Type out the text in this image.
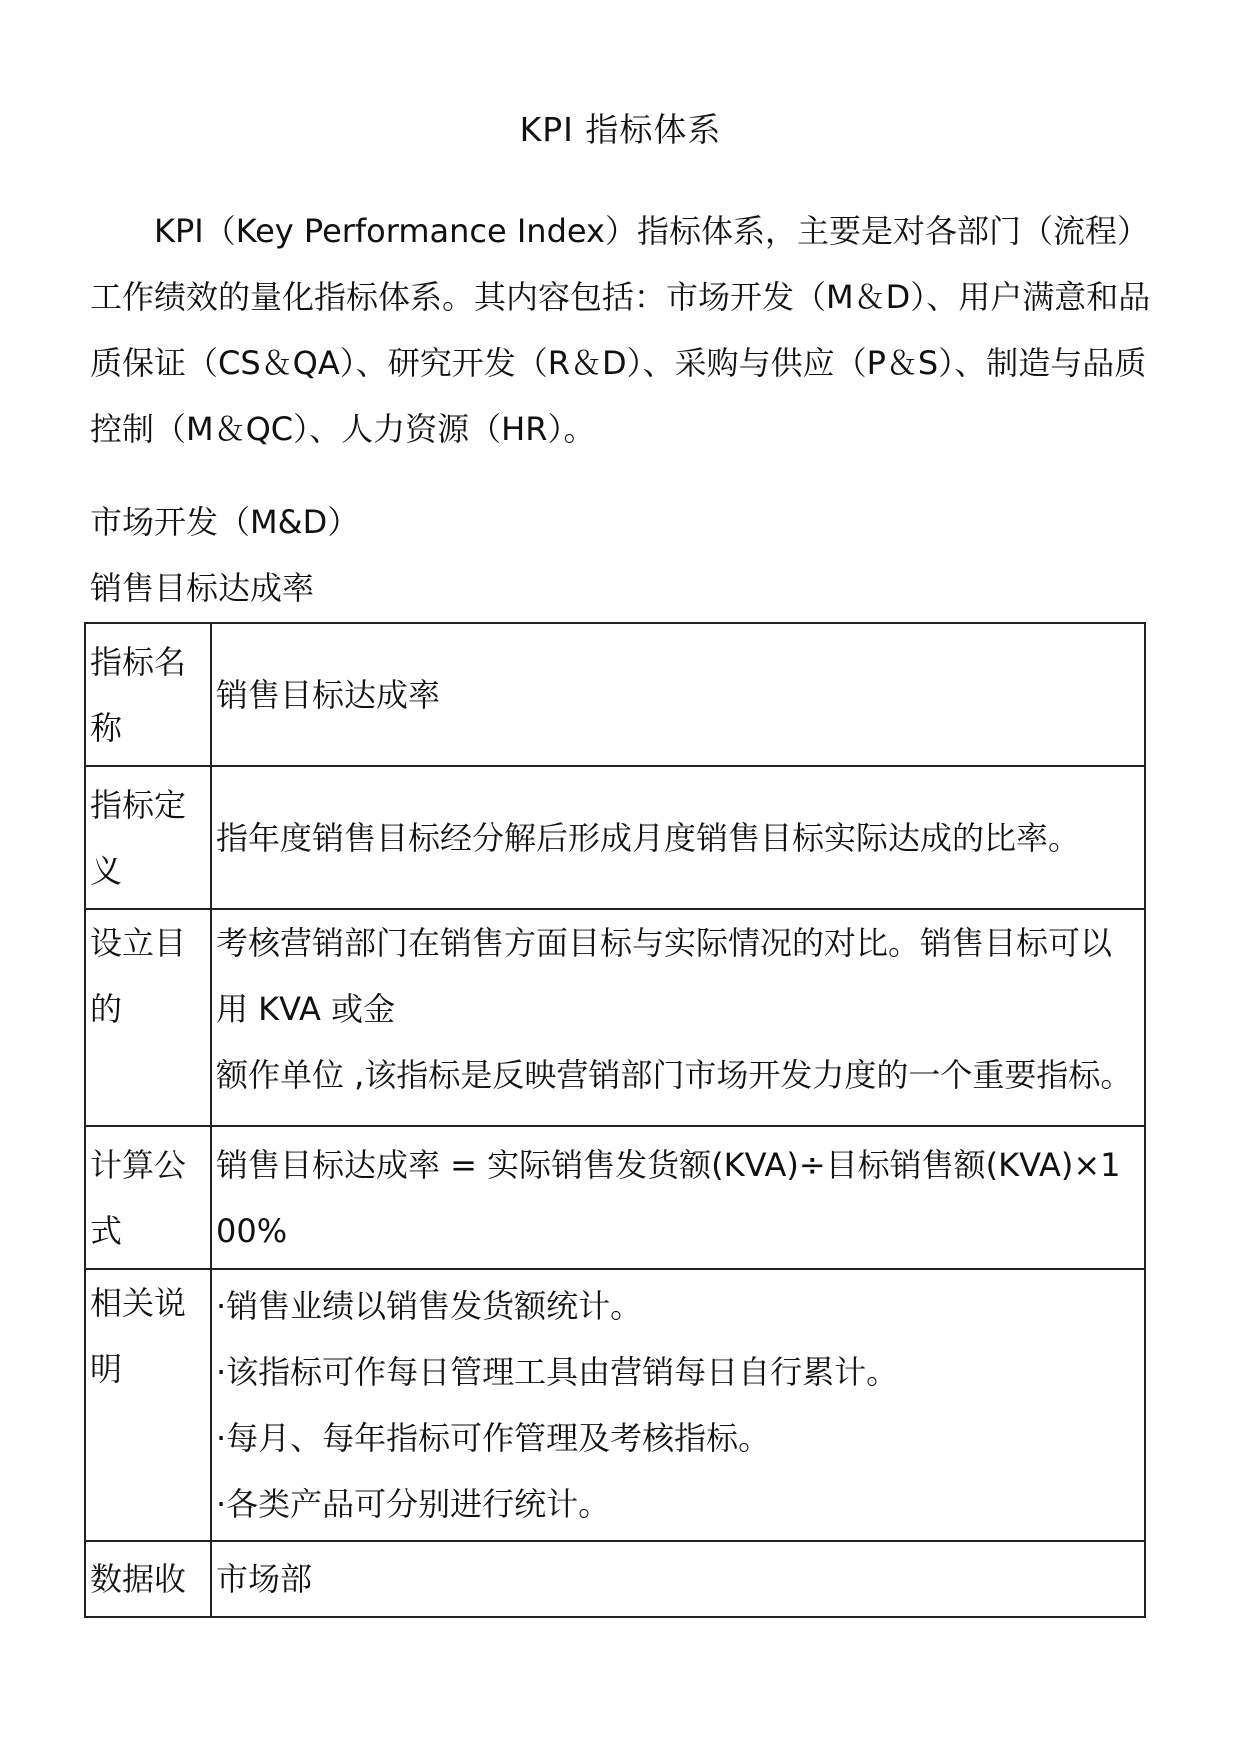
KPI 指标体系

KPI（Key Performance Index）指标体系，主要是对各部门（流程）工作绩效的量化指标体系。其内容包括：市场开发（M＆D）、用户满意和品质保证（CS＆QA）、研究开发（R＆D）、采购与供应（P＆S）、制造与品质控制（M＆QC）、人力资源（HR）。

市场开发（M&D）

销售目标达成率

指标名称	销售目标达成率
指标定义	指年度销售目标经分解后形成月度销售目标实际达成的比率。
设立目的	考核营销部门在销售方面目标与实际情况的对比。销售目标可以用 KVA 或金
额作单位 ,该指标是反映营销部门市场开发力度的一个重要指标。

计算公式	销售目标达成率 = 实际销售发货额(KVA)÷目标销售额(KVA)×100%
相关说明	·销售业绩以销售发货额统计。
·该指标可作每日管理工具由营销每日自行累计。
·每月、每年指标可作管理及考核指标。
·各类产品可分别进行统计。

数据收	市场部
